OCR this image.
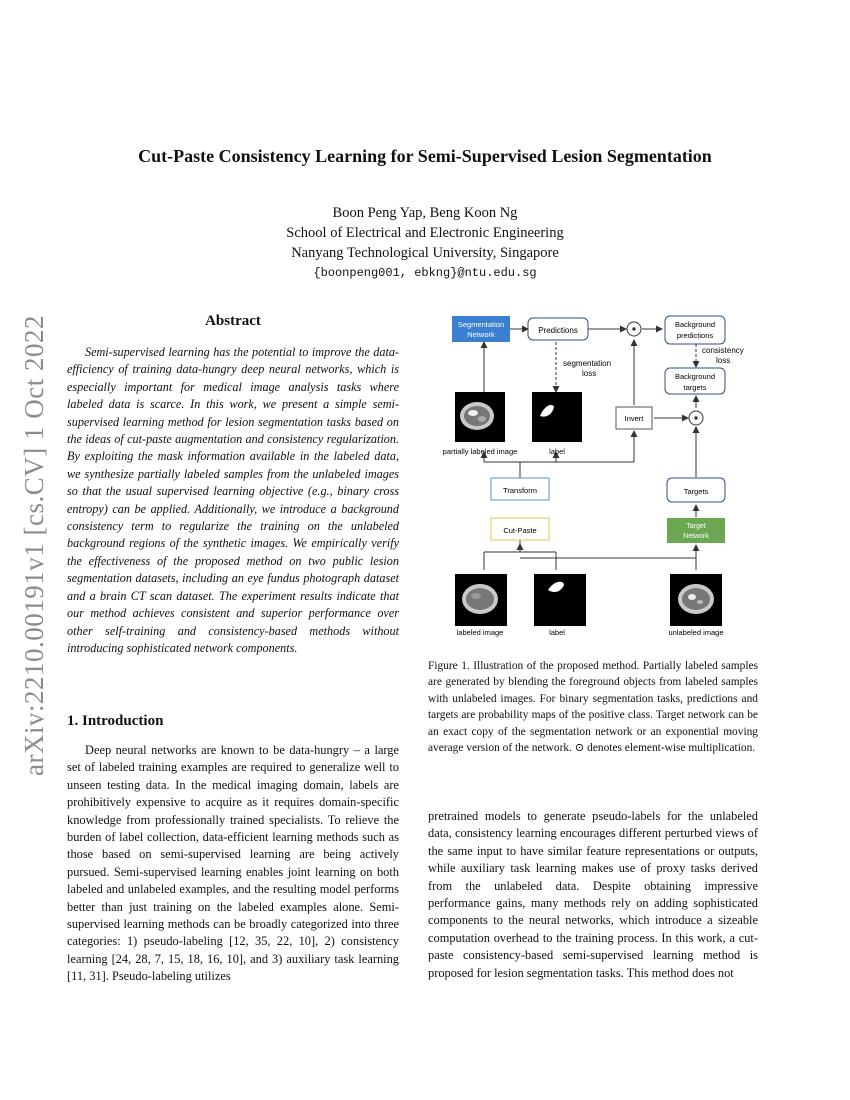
arXiv:2210.00191v1 [cs.CV] 1 Oct 2022
Cut-Paste Consistency Learning for Semi-Supervised Lesion Segmentation
Boon Peng Yap, Beng Koon Ng
School of Electrical and Electronic Engineering
Nanyang Technological University, Singapore
{boonpeng001, ebkng}@ntu.edu.sg
Abstract

Semi-supervised learning has the potential to improve the data-efficiency of training data-hungry deep neural networks, which is especially important for medical image analysis tasks where labeled data is scarce. In this work, we present a simple semi-supervised learning method for lesion segmentation tasks based on the ideas of cut-paste augmentation and consistency regularization. By exploiting the mask information available in the labeled data, we synthesize partially labeled samples from the unlabeled images so that the usual supervised learning objective (e.g., binary cross entropy) can be applied. Additionally, we introduce a background consistency term to regularize the training on the unlabeled background regions of the synthetic images. We empirically verify the effectiveness of the proposed method on two public lesion segmentation datasets, including an eye fundus photograph dataset and a brain CT scan dataset. The experiment results indicate that our method achieves consistent and superior performance over other self-training and consistency-based methods without introducing sophisticated network components.

1. Introduction

Deep neural networks are known to be data-hungry – a large set of labeled training examples are required to generalize well to unseen testing data. In the medical imaging domain, labels are prohibitively expensive to acquire as it requires domain-specific knowledge from professionally trained specialists. To relieve the burden of label collection, data-efficient learning methods such as those based on semi-supervised learning are being actively pursued. Semi-supervised learning enables joint learning on both labeled and unlabeled examples, and the resulting model performs better than just training on the labeled examples alone. Semi-supervised learning methods can be broadly categorized into three categories: 1) pseudo-labeling [12, 35, 22, 10], 2) consistency learning [24, 28, 7, 15, 18, 16, 10], and 3) auxiliary task learning [11, 31]. Pseudo-labeling utilizes

Segmentation
Network	Predictions
Background
predictions
consistency
loss
Background
targets
segmentation
loss
Invert
partially labeled image	label
Transform	Targets
Cut-Paste	Target
Network
labeled image	label	unlabeled image
Figure 1. Illustration of the proposed method. Partially labeled samples are generated by blending the foreground objects from labeled samples with unlabeled images. For binary segmentation tasks, predictions and targets are probability maps of the positive class. Target network can be an exact copy of the segmentation network or an exponential moving average version of the network. ⊙ denotes element-wise multiplication.

pretrained models to generate pseudo-labels for the unlabeled data, consistency learning encourages different perturbed views of the same input to have similar feature representations or outputs, while auxiliary task learning makes use of proxy tasks derived from the unlabeled data. Despite obtaining impressive performance gains, many methods rely on adding sophisticated components to the neural networks, which introduce a sizeable computation overhead to the training process. In this work, a cut-paste consistency-based semi-supervised learning method is proposed for lesion segmentation tasks. This method does not
